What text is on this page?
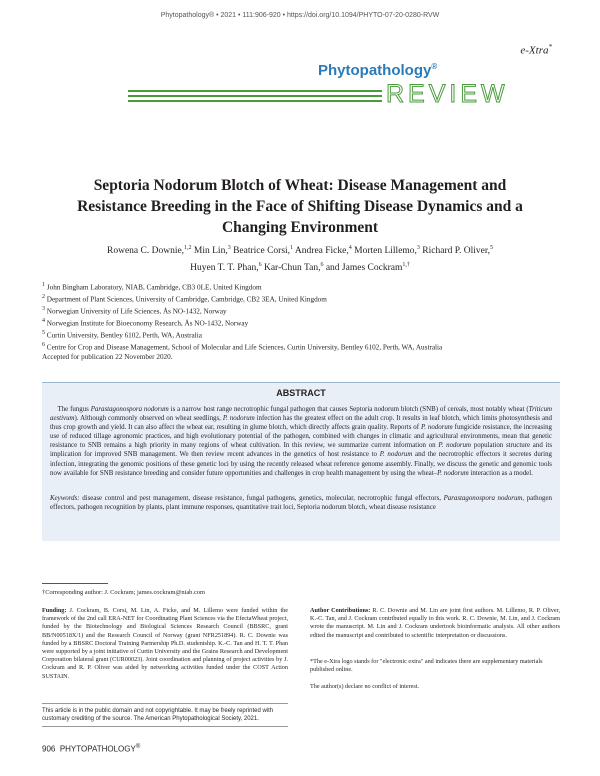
Phytopathology® • 2021 • 111:906-920 • https://doi.org/10.1094/PHYTO-07-20-0280-RVW
e-Xtra*
Phytopathology®
REVIEW
Septoria Nodorum Blotch of Wheat: Disease Management and Resistance Breeding in the Face of Shifting Disease Dynamics and a Changing Environment
Rowena C. Downie,$^{1,2}$ Min Lin,$^3$ Beatrice Corsi,$^1$ Andrea Ficke,$^4$ Morten Lillemo,$^3$ Richard P. Oliver,$^5$
Huyen T. T. Phan,$^6$ Kar-Chun Tan,$^6$ and James Cockram$^{1,\dagger}$
$^1$ John Bingham Laboratory, NIAB, Cambridge, CB3 0LE, United Kingdom
$^2$ Department of Plant Sciences, University of Cambridge, Cambridge, CB2 3EA, United Kingdom
$^3$ Norwegian University of Life Sciences, Ås NO-1432, Norway
$^4$ Norwegian Institute for Bioeconomy Research, Ås NO-1432, Norway
$^5$ Curtin University, Bentley 6102, Perth, WA, Australia
$^6$ Centre for Crop and Disease Management, School of Molecular and Life Sciences, Curtin University, Bentley 6102, Perth, WA, Australia
Accepted for publication 22 November 2020.
ABSTRACT
The fungus Parastagonospora nodorum is a narrow host range necrotrophic fungal pathogen that causes Septoria nodorum blotch (SNB) of cereals, most notably wheat (Triticum aestivum). Although commonly observed on wheat seedlings, P. nodorum infection has the greatest effect on the adult crop. It results in leaf blotch, which limits photosynthesis and thus crop growth and yield. It can also affect the wheat ear, resulting in glume blotch, which directly affects grain quality. Reports of P. nodorum fungicide resistance, the increasing use of reduced tillage agronomic practices, and high evolutionary potential of the pathogen, combined with changes in climatic and agricultural environments, mean that genetic resistance to SNB remains a high priority in many regions of wheat cultivation. In this review, we summarize current information on P. nodorum population structure and its implication for improved SNB management. We then review recent advances in the genetics of host resistance to P. nodorum and the necrotrophic effectors it secretes during infection, integrating the genomic positions of these genetic loci by using the recently released wheat reference genome assembly. Finally, we discuss the genetic and genomic tools now available for SNB resistance breeding and consider future opportunities and challenges in crop health management by using the wheat–P. nodorum interaction as a model.
Keywords: disease control and pest management, disease resistance, fungal pathogens, genetics, molecular, necrotrophic fungal effectors, Parastagonospora nodorum, pathogen effectors, pathogen recognition by plants, plant immune responses, quantitative trait loci, Septoria nodorum blotch, wheat disease resistance
†Corresponding author: J. Cockram; james.cockram@niab.com
Funding: J. Cockram, B. Corsi, M. Lin, A. Ficke, and M. Lillemo were funded within the framework of the 2nd call ERA-NET for Coordinating Plant Sciences via the EfectaWheat project, funded by the Biotechnology and Biological Sciences Research Council (BBSRC, grant BB/N00518X/1) and the Research Council of Norway (grant NFR251894). R. C. Downie was funded by a BBSRC Doctoral Training Partnership Ph.D. studentship. K.-C. Tan and H. T. T. Phan were supported by a joint initiative of Curtin University and the Grains Research and Development Corporation bilateral grant (CUR00023). Joint coordination and planning of project activities by J. Cockram and R. P. Oliver was aided by networking activities funded under the COST Action SUSTAIN.
Author Contributions: R. C. Downie and M. Lin are joint first authors. M. Lillemo, R. P. Oliver, K.-C. Tan, and J. Cockram contributed equally to this work. R. C. Downie, M. Lin, and J. Cockram wrote the manuscript. M. Lin and J. Cockram undertook bioinformatic analysis. All other authors edited the manuscript and contributed to scientific interpretation or discussions.
*The e-Xtra logo stands for "electronic extra" and indicates there are supplementary materials published online.
The author(s) declare no conflict of interest.
This article is in the public domain and not copyrightable. It may be freely reprinted with customary crediting of the source. The American Phytopathological Society, 2021.
906 PHYTOPATHOLOGY®
